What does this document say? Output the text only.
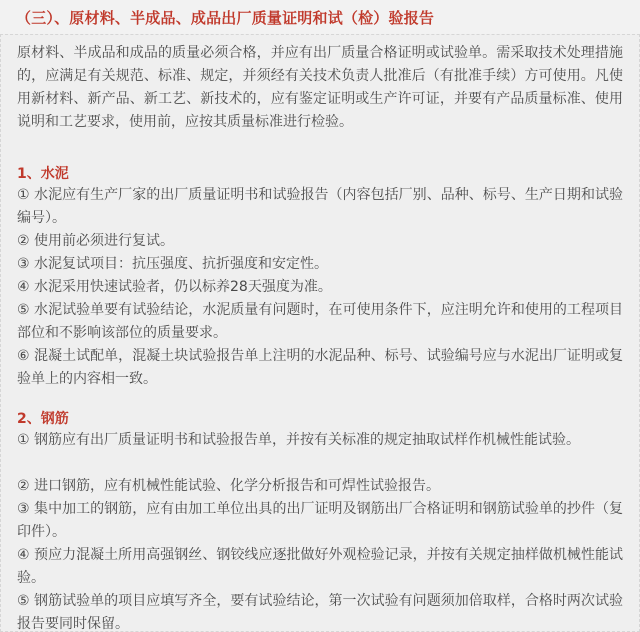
（三）、原材料、半成品、成品出厂质量证明和试（检）验报告
原材料、半成品和成品的质量必须合格，并应有出厂质量合格证明或试验单。需采取技术处理措施的，应满足有关规范、标准、规定，并须经有关技术负责人批准后（有批准手续）方可使用。凡使用新材料、新产品、新工艺、新技术的，应有鉴定证明或生产许可证，并要有产品质量标准、使用说明和工艺要求，使用前，应按其质量标准进行检验。
1、水泥
① 水泥应有生产厂家的出厂质量证明书和试验报告（内容包括厂别、品种、标号、生产日期和试验编号）。
② 使用前必须进行复试。
③ 水泥复试项目：抗压强度、抗折强度和安定性。
④ 水泥采用快速试验者，仍以标养28天强度为准。
⑤ 水泥试验单要有试验结论，水泥质量有问题时，在可使用条件下，应注明允许和使用的工程项目部位和不影响该部位的质量要求。
⑥ 混凝土试配单，混凝土块试验报告单上注明的水泥品种、标号、试验编号应与水泥出厂证明或复验单上的内容相一致。
2、钢筋
① 钢筋应有出厂质量证明书和试验报告单，并按有关标准的规定抽取试样作机械性能试验。
② 进口钢筋，应有机械性能试验、化学分析报告和可焊性试验报告。
③ 集中加工的钢筋，应有由加工单位出具的出厂证明及钢筋出厂合格证明和钢筋试验单的抄件（复印件）。
④ 预应力混凝土所用高强钢丝、钢铰线应逐批做好外观检验记录，并按有关规定抽样做机械性能试验。
⑤ 钢筋试验单的项目应填写齐全，要有试验结论，第一次试验有问题须加倍取样，合格时两次试验报告要同时保留。
